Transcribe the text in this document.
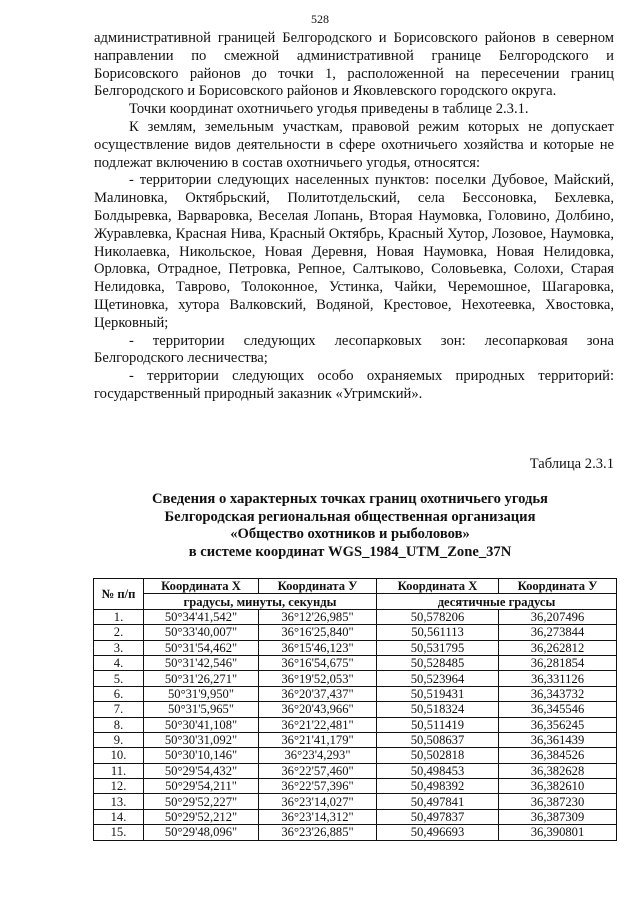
528

административной границей Белгородского и Борисовского районов в северном направлении по смежной административной границе Белгородского и Борисовского районов до точки 1, расположенной на пересечении границ Белгородского и Борисовского районов и Яковлевского городского округа.

Точки координат охотничьего угодья приведены в таблице 2.3.1.

К землям, земельным участкам, правовой режим которых не допускает осуществление видов деятельности в сфере охотничьего хозяйства и которые не подлежат включению в состав охотничьего угодья, относятся:

- территории следующих населенных пунктов: поселки Дубовое, Майский, Малиновка, Октябрьский, Политотдельский, села Бессоновка, Бехлевка, Болдыревка, Варваровка, Веселая Лопань, Вторая Наумовка, Головино, Долбино, Журавлевка, Красная Нива, Красный Октябрь, Красный Хутор, Лозовое, Наумовка, Николаевка, Никольское, Новая Деревня, Новая Наумовка, Новая Нелидовка, Орловка, Отрадное, Петровка, Репное, Салтыково, Соловьевка, Солохи, Старая Нелидовка, Таврово, Толоконное, Устинка, Чайки, Черемошное, Шагаровка, Щетиновка, хутора Валковский, Водяной, Крестовое, Нехотеевка, Хвостовка, Церковный;

- территории следующих лесопарковых зон: лесопарковая зона Белгородского лесничества;

- территории следующих особо охраняемых природных территорий: государственный природный заказник «Угримский».

Таблица 2.3.1
Сведения о характерных точках границ охотничьего угодья
Белгородская региональная общественная организация
«Общество охотников и рыболовов»
в системе координат WGS_1984_UTM_Zone_37N
№ п/п	Координата X	Координата У	Координата X	Координата У
	градусы, минуты, секунды		десятичные градусы	
1.	50°34'41,542"	36°12'26,985"	50,578206	36,207496
2.	50°33'40,007"	36°16'25,840"	50,561113	36,273844
3.	50°31'54,462"	36°15'46,123"	50,531795	36,262812
4.	50°31'42,546"	36°16'54,675"	50,528485	36,281854
5.	50°31'26,271"	36°19'52,053"	50,523964	36,331126
6.	50°31'9,950"	36°20'37,437"	50,519431	36,343732
7.	50°31'5,965"	36°20'43,966"	50,518324	36,345546
8.	50°30'41,108"	36°21'22,481"	50,511419	36,356245
9.	50°30'31,092"	36°21'41,179"	50,508637	36,361439
10.	50°30'10,146"	36°23'4,293"	50,502818	36,384526
11.	50°29'54,432"	36°22'57,460"	50,498453	36,382628
12.	50°29'54,211"	36°22'57,396"	50,498392	36,382610
13.	50°29'52,227"	36°23'14,027"	50,497841	36,387230
14.	50°29'52,212"	36°23'14,312"	50,497837	36,387309
15.	50°29'48,096"	36°23'26,885"	50,496693	36,390801
